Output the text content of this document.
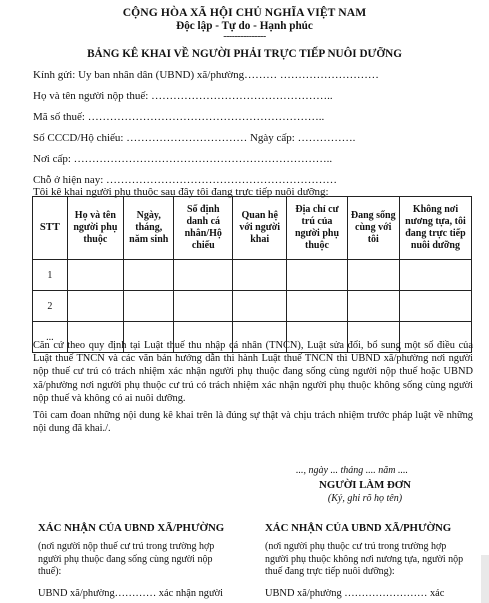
CỘNG HÒA XÃ HỘI CHỦ NGHĨA VIỆT NAM
Độc lập - Tự do - Hạnh phúc
---------------
BẢNG KÊ KHAI VỀ NGƯỜI PHẢI TRỰC TIẾP NUÔI DƯỠNG
Kính gửi: Uy ban nhân dân (UBND) xã/phường……… ………………………
Họ và tên người nộp thuế: …………………………………………..
Mã số thuế: ………………………………………………………..
Số CCCD/Hộ chiếu: …………………………… Ngày cấp: …………….
Nơi cấp: ……………………………………………………………..
Chỗ ở hiện nay: ………………………………………………………
Tôi kê khai người phụ thuộc sau đây tôi đang trực tiếp nuôi dưỡng:
STT	Họ và tên người phụ thuộc	Ngày, tháng, năm sinh	Số định danh cá nhân/Hộ chiếu	Quan hệ với người khai	Địa chỉ cư trú của người phụ thuộc	Đang sống cùng với tôi	Không nơi nương tựa, tôi đang trực tiếp nuôi dưỡng
1							
2							
...							
Căn cứ theo quy định tại Luật thuế thu nhập cá nhân (TNCN), Luật sửa đổi, bổ sung một số điều của Luật thuế TNCN và các văn bản hướng dẫn thi hành Luật thuế TNCN thì UBND xã/phường nơi người nộp thuế cư trú có trách nhiệm xác nhận người phụ thuộc đang sống cùng người nộp thuế hoặc UBND xã/phường nơi người phụ thuộc cư trú có trách nhiệm xác nhận người phụ thuộc không sống cùng người nộp thuế và không có ai nuôi dưỡng.
Tôi cam đoan những nội dung kê khai trên là đúng sự thật và chịu trách nhiệm trước pháp luật về những nội dung đã khai./.
..., ngày ... tháng .... năm ....
NGƯỜI LÀM ĐƠN
(Ký, ghi rõ họ tên)
XÁC NHẬN CỦA UBND XÃ/PHƯỜNG
(nơi người nộp thuế cư trú trong trường hợp người phụ thuộc đang sống cùng người nộp thuế):
UBND xã/phường………… xác nhận người
XÁC NHẬN CỦA UBND XÃ/PHƯỜNG
(nơi người phụ thuộc cư trú trong trường hợp người phụ thuộc không nơi nương tựa, người nộp thuế đang trực tiếp nuôi dưỡng):
UBND xã/phường …………………… xác
